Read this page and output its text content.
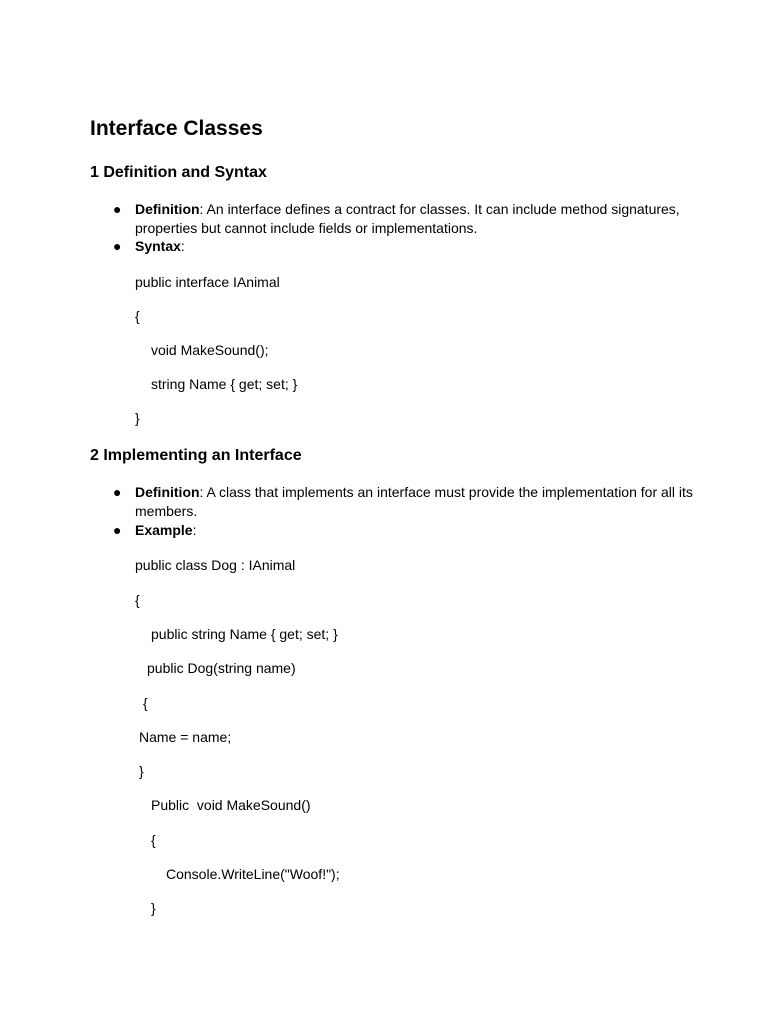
Interface Classes
1 Definition and Syntax
● Definition: An interface defines a contract for classes. It can include method signatures, properties but cannot include fields or implementations.
● Syntax:
public interface IAnimal
{
void MakeSound();
string Name { get; set; }
}
2 Implementing an Interface
● Definition: A class that implements an interface must provide the implementation for all its members.
● Example:
public class Dog : IAnimal
{
public string Name { get; set; }
public Dog(string name)
{
Name = name;
}
Public  void MakeSound()
{
Console.WriteLine("Woof!");
}
